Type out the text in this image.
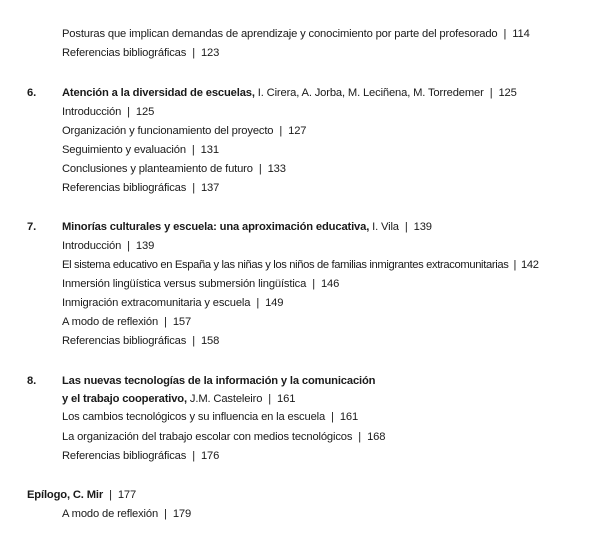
Posturas que implican demandas de aprendizaje y conocimiento por parte del profesorado | 114
Referencias bibliográficas | 123
6. Atención a la diversidad de escuelas, I. Cirera, A. Jorba, M. Leciñena, M. Torredemer | 125
Introducción | 125
Organización y funcionamiento del proyecto | 127
Seguimiento y evaluación | 131
Conclusiones y planteamiento de futuro | 133
Referencias bibliográficas | 137
7. Minorías culturales y escuela: una aproximación educativa, I. Vila | 139
Introducción | 139
El sistema educativo en España y las niñas y los niños de familias inmigrantes extracomunitarias | 142
Inmersión lingüística versus submersión lingüística | 146
Inmigración extracomunitaria y escuela | 149
A modo de reflexión | 157
Referencias bibliográficas | 158
8. Las nuevas tecnologías de la información y la comunicación
y el trabajo cooperativo, J.M. Casteleiro | 161
Los cambios tecnológicos y su influencia en la escuela | 161
La organización del trabajo escolar con medios tecnológicos | 168
Referencias bibliográficas | 176
Epílogo, C. Mir | 177
A modo de reflexión | 179
